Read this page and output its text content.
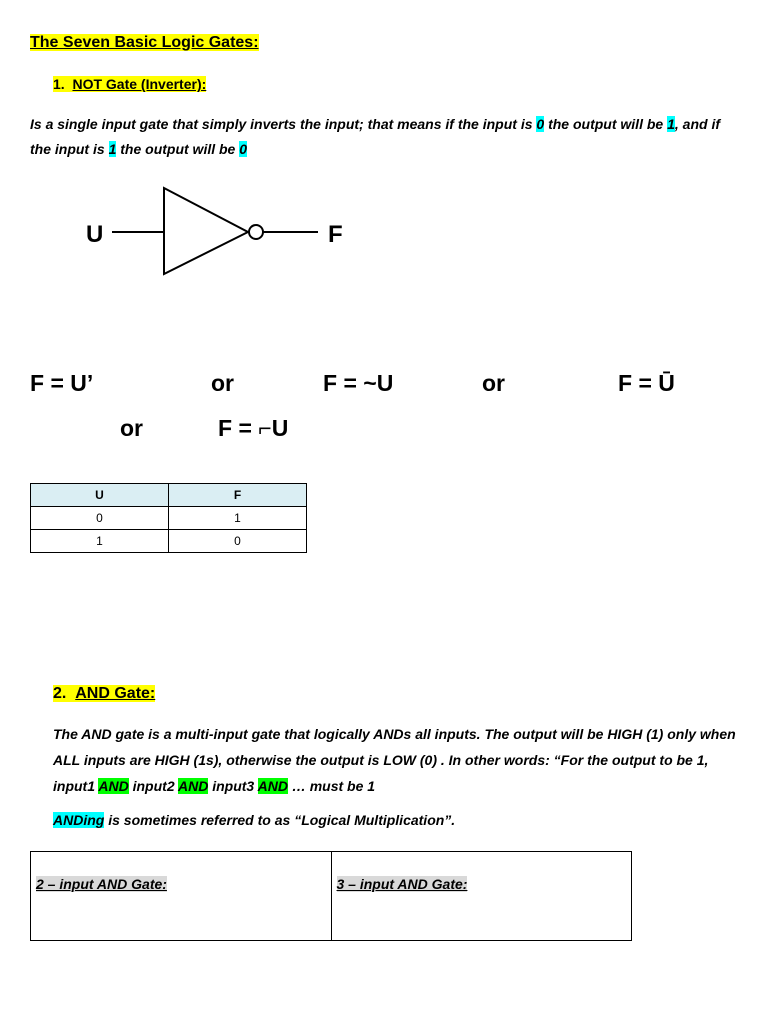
The Seven Basic Logic Gates:
1. NOT Gate (Inverter):
Is a single input gate that simply inverts the input; that means if the input is 0 the output will be 1, and if the input is 1 the output will be 0
U	F
F = U’	or	F = ~U	or	F = Ū
or	F = ⌐U
U	F
0	1
1	0
2. AND Gate:
The AND gate is a multi-input gate that logically ANDs all inputs. The output will be HIGH (1) only when ALL inputs are HIGH (1s), otherwise the output is LOW (0) . In other words: “For the output to be 1, input1 AND input2 AND input3 AND … must be 1
ANDing is sometimes referred to as “Logical Multiplication”.
2 – input AND Gate:	3 – input AND Gate:
